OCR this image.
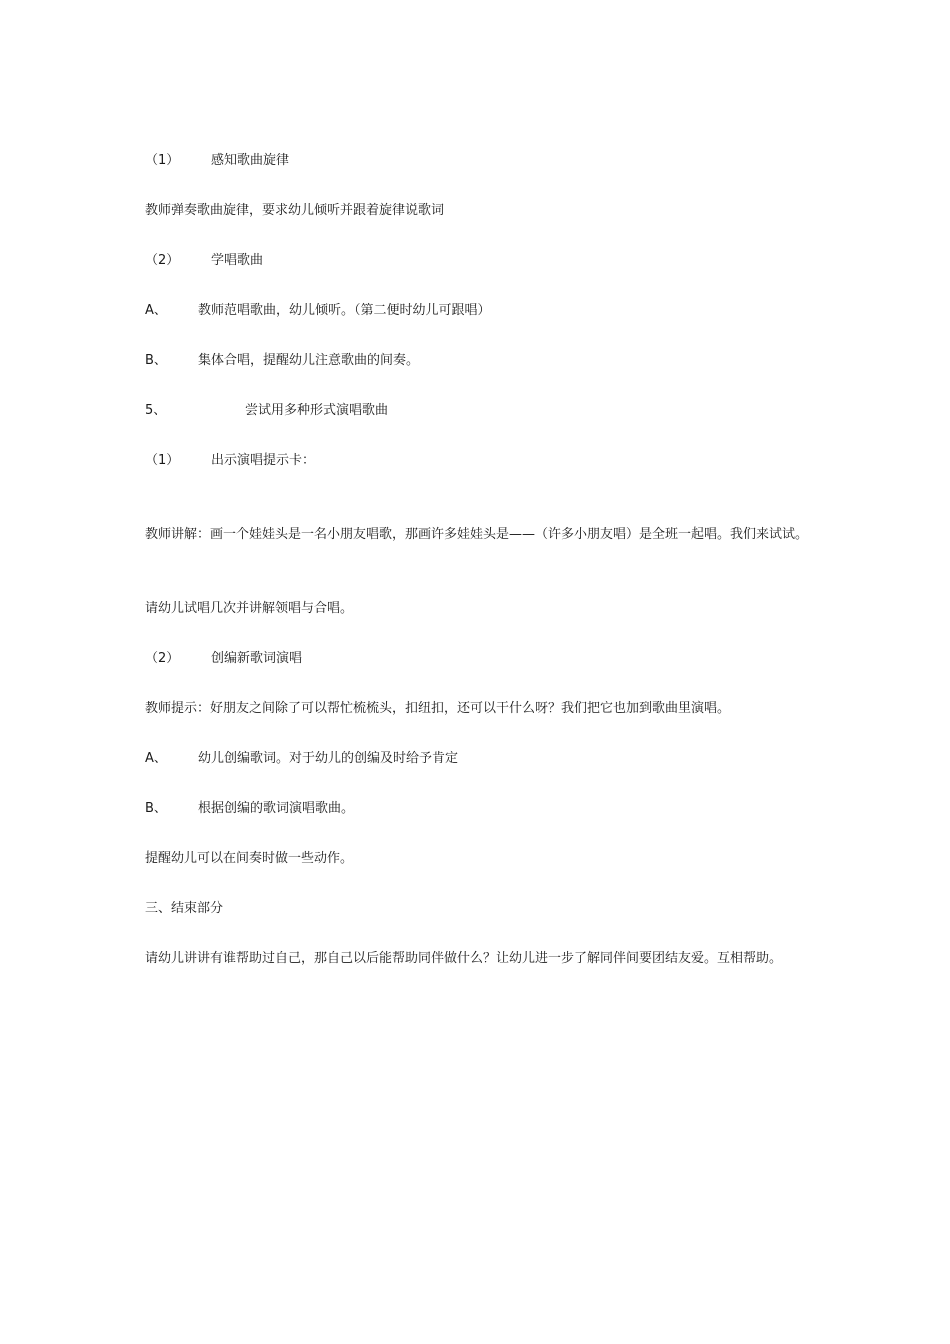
（1） 感知歌曲旋律
教师弹奏歌曲旋律，要求幼儿倾听并跟着旋律说歌词
（2） 学唱歌曲
A、 教师范唱歌曲，幼儿倾听。（第二便时幼儿可跟唱）
B、 集体合唱，提醒幼儿注意歌曲的间奏。
5、	尝试用多种形式演唱歌曲
（1） 出示演唱提示卡：
教师讲解：画一个娃娃头是一名小朋友唱歌，那画许多娃娃头是——（许多小朋友唱）是全班一起唱。我们来试试。
请幼儿试唱几次并讲解领唱与合唱。
（2） 创编新歌词演唱
教师提示：好朋友之间除了可以帮忙梳梳头，扣纽扣，还可以干什么呀？我们把它也加到歌曲里演唱。
A、 幼儿创编歌词。对于幼儿的创编及时给予肯定
B、 根据创编的歌词演唱歌曲。
提醒幼儿可以在间奏时做一些动作。
三、结束部分
请幼儿讲讲有谁帮助过自己，那自己以后能帮助同伴做什么？让幼儿进一步了解同伴间要团结友爱。互相帮助。
